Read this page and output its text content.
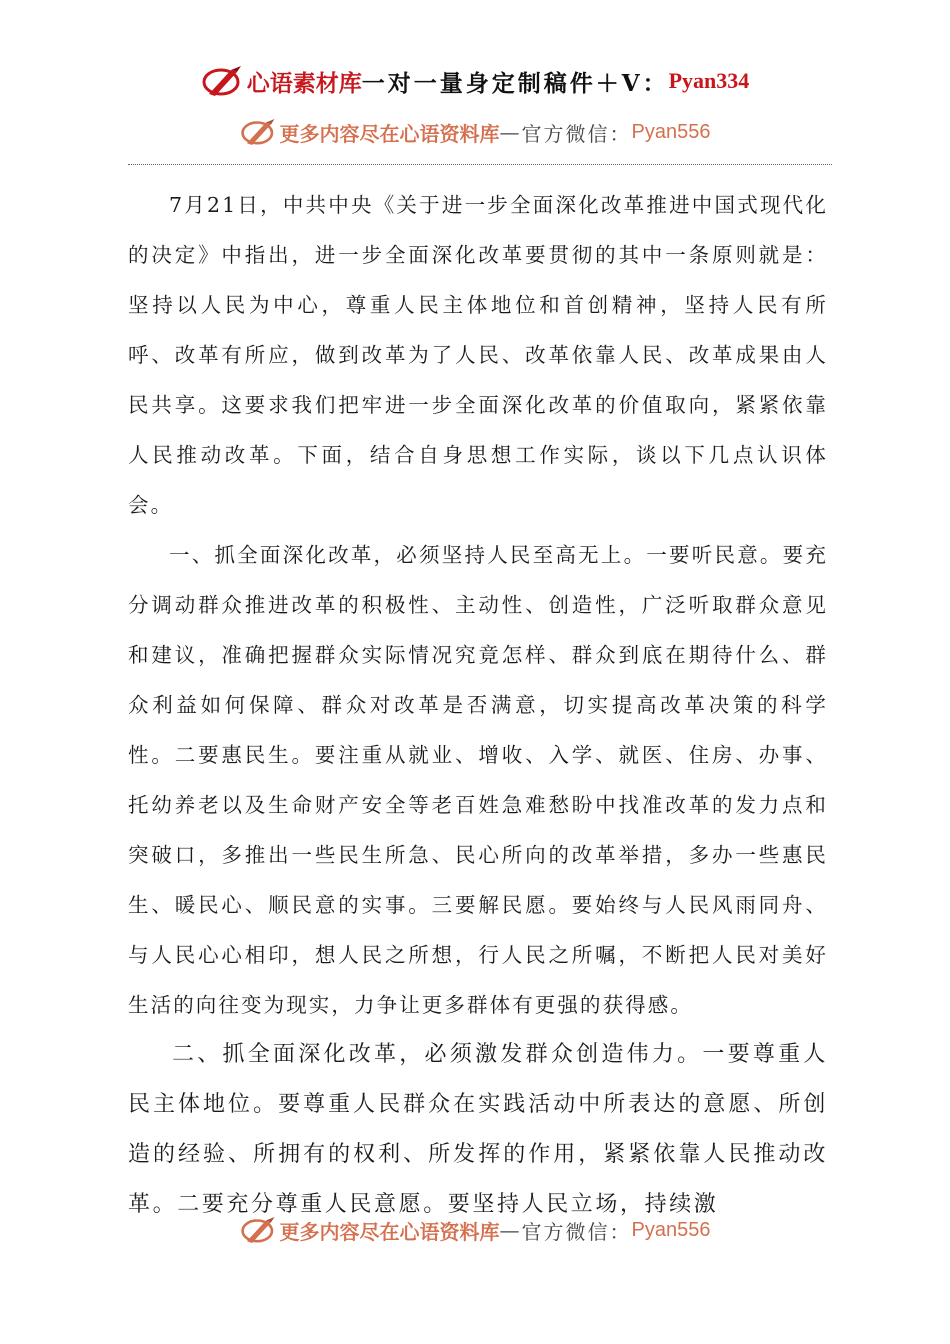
心语素材库 一对一量身定制稿件＋V： Pyan334
更多内容尽在心语资料库 — 官方微信： Pyan556

7月21日，中共中央《关于进一步全面深化改革推进中国式现代化的决定》中指出，进一步全面深化改革要贯彻的其中一条原则就是：坚持以人民为中心，尊重人民主体地位和首创精神，坚持人民有所呼、改革有所应，做到改革为了人民、改革依靠人民、改革成果由人民共享。这要求我们把牢进一步全面深化改革的价值取向，紧紧依靠人民推动改革。下面，结合自身思想工作实际，谈以下几点认识体会。

一、抓全面深化改革，必须坚持人民至高无上。一要听民意。要充分调动群众推进改革的积极性、主动性、创造性，广泛听取群众意见和建议，准确把握群众实际情况究竟怎样、群众到底在期待什么、群众利益如何保障、群众对改革是否满意，切实提高改革决策的科学性。二要惠民生。要注重从就业、增收、入学、就医、住房、办事、托幼养老以及生命财产安全等老百姓急难愁盼中找准改革的发力点和突破口，多推出一些民生所急、民心所向的改革举措，多办一些惠民生、暖民心、顺民意的实事。三要解民愿。要始终与人民风雨同舟、与人民心心相印，想人民之所想，行人民之所嘱，不断把人民对美好生活的向往变为现实，力争让更多群体有更强的获得感。

二、抓全面深化改革，必须激发群众创造伟力。一要尊重人民主体地位。要尊重人民群众在实践活动中所表达的意愿、所创造的经验、所拥有的权利、所发挥的作用，紧紧依靠人民推动改革。二要充分尊重人民意愿。要坚持人民立场，持续激

更多内容尽在心语资料库 — 官方微信： Pyan556
